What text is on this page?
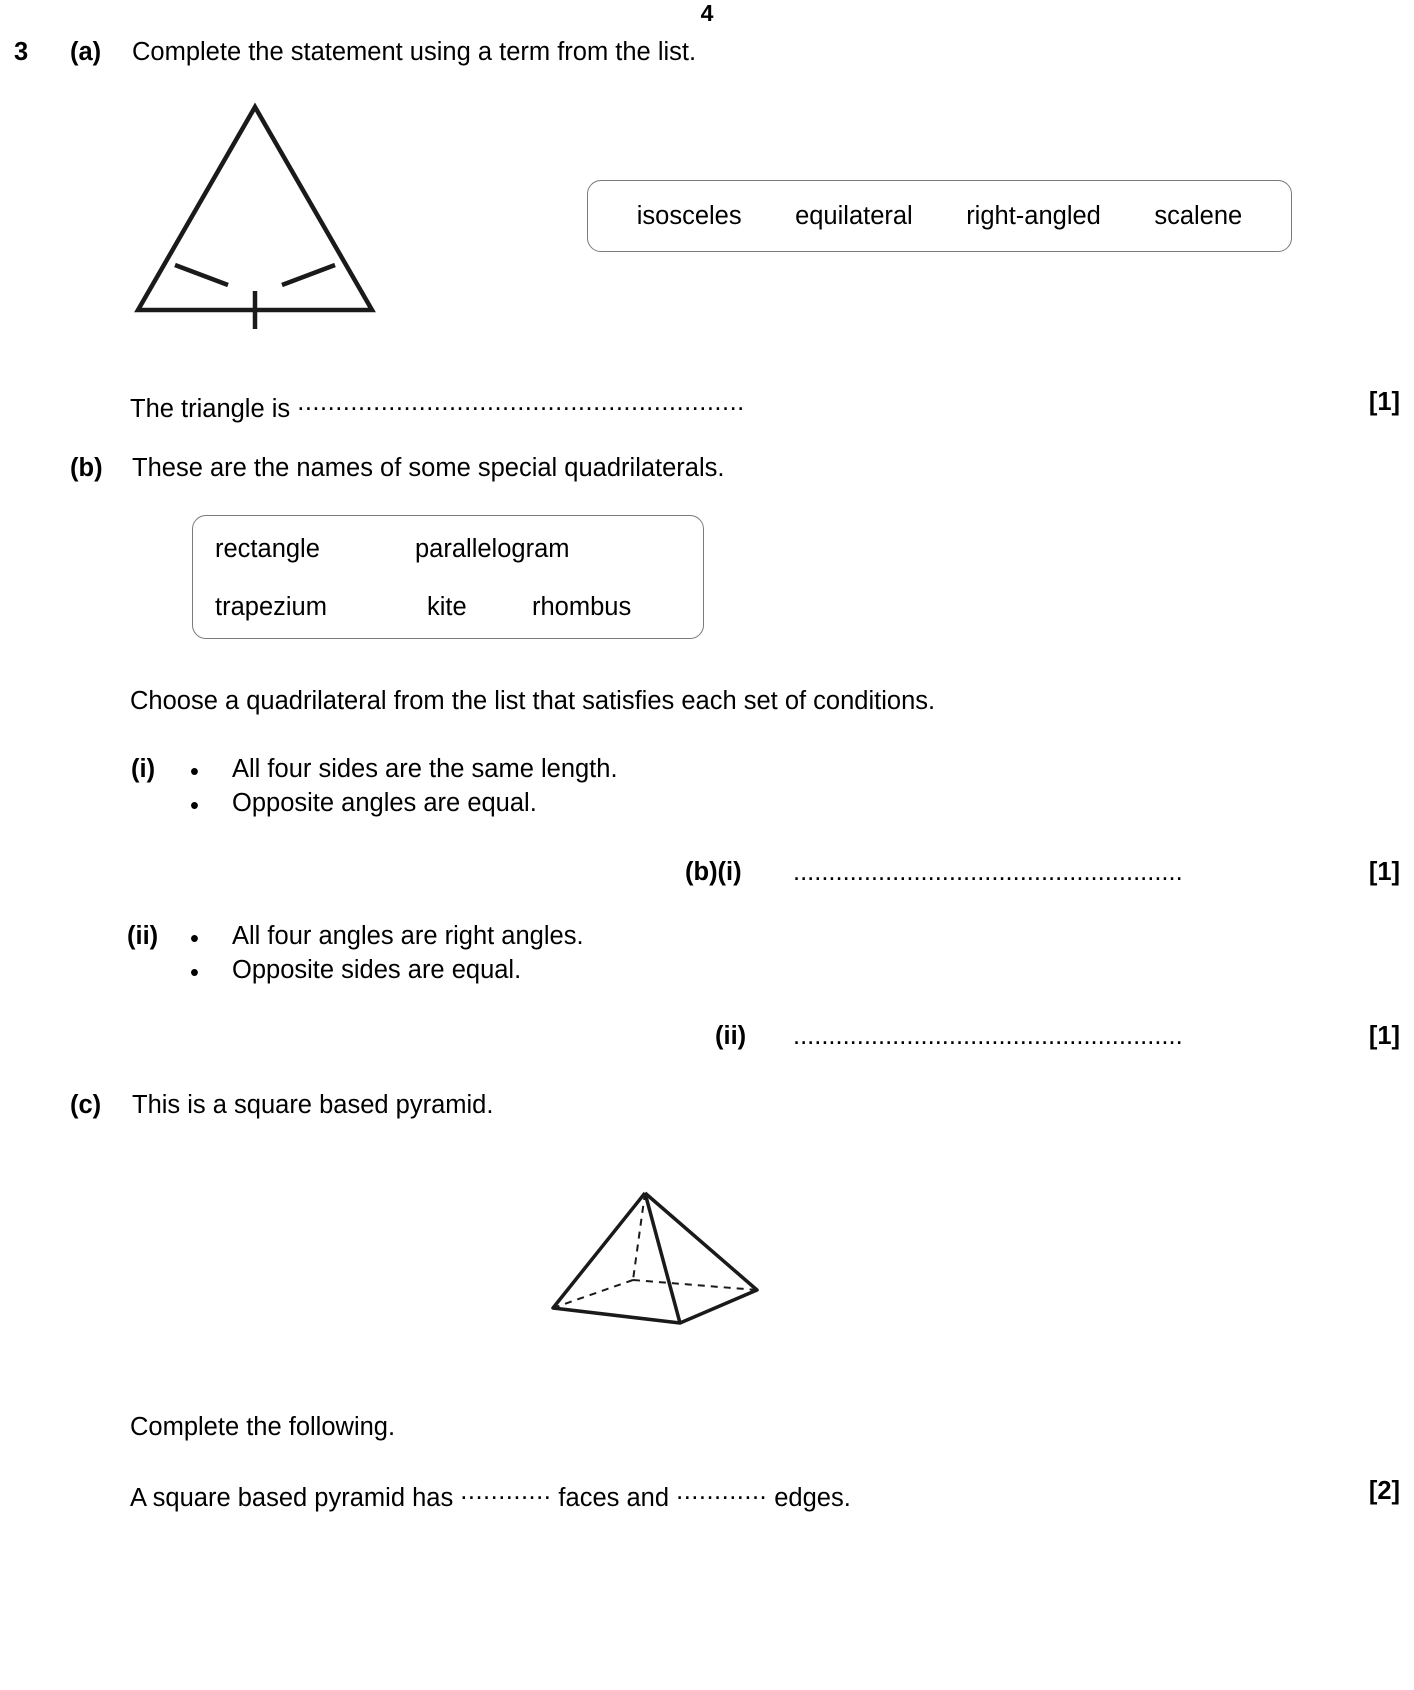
4
3 (a) Complete the statement using a term from the list.
isosceles equilateral right-angled scalene
The triangle is ...........................................................	[1]
(b) These are the names of some special quadrilaterals.
rectangle	parallelogram
trapezium	kite	rhombus
Choose a quadrilateral from the list that satisfies each set of conditions.
(i) • All four sides are the same length.
• Opposite angles are equal.
(b)(i) .......................................................	[1]
(ii) • All four angles are right angles.
• Opposite sides are equal.
(ii) .......................................................	[1]
(c) This is a square based pyramid.
Complete the following.
A square based pyramid has ............ faces and ............ edges.	[2]
